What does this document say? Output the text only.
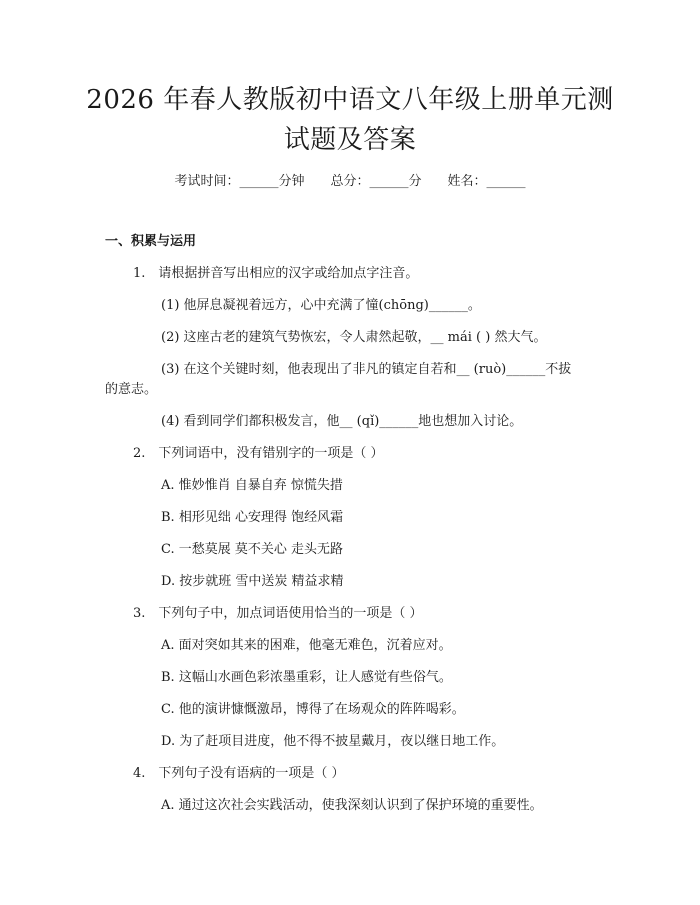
2026 年春人教版初中语文八年级上册单元测
试题及答案
考试时间：______分钟　　总分：______分　　姓名：______
一、积累与运用
1.　请根据拼音写出相应的汉字或给加点字注音。
(1) 他屏息凝视着远方，心中充满了憧(chōng)______。
(2) 这座古老的建筑气势恢宏，令人肃然起敬，__ mái ( ) 然大气。
(3) 在这个关键时刻，他表现出了非凡的镇定自若和__ (ruò)______不拔
的意志。
(4) 看到同学们都积极发言，他__ (qǐ)______地也想加入讨论。
2.　下列词语中，没有错别字的一项是（ ）
A. 惟妙惟肖 自暴自弃 惊慌失措
B. 相形见绌 心安理得 饱经风霜
C. 一愁莫展 莫不关心 走头无路
D. 按步就班 雪中送炭 精益求精
3.　下列句子中，加点词语使用恰当的一项是（ ）
A. 面对突如其来的困难，他毫无难色，沉着应对。
B. 这幅山水画色彩浓墨重彩，让人感觉有些俗气。
C. 他的演讲慷慨激昂，博得了在场观众的阵阵喝彩。
D. 为了赶项目进度，他不得不披星戴月，夜以继日地工作。
4.　下列句子没有语病的一项是（ ）
A. 通过这次社会实践活动，使我深刻认识到了保护环境的重要性。
